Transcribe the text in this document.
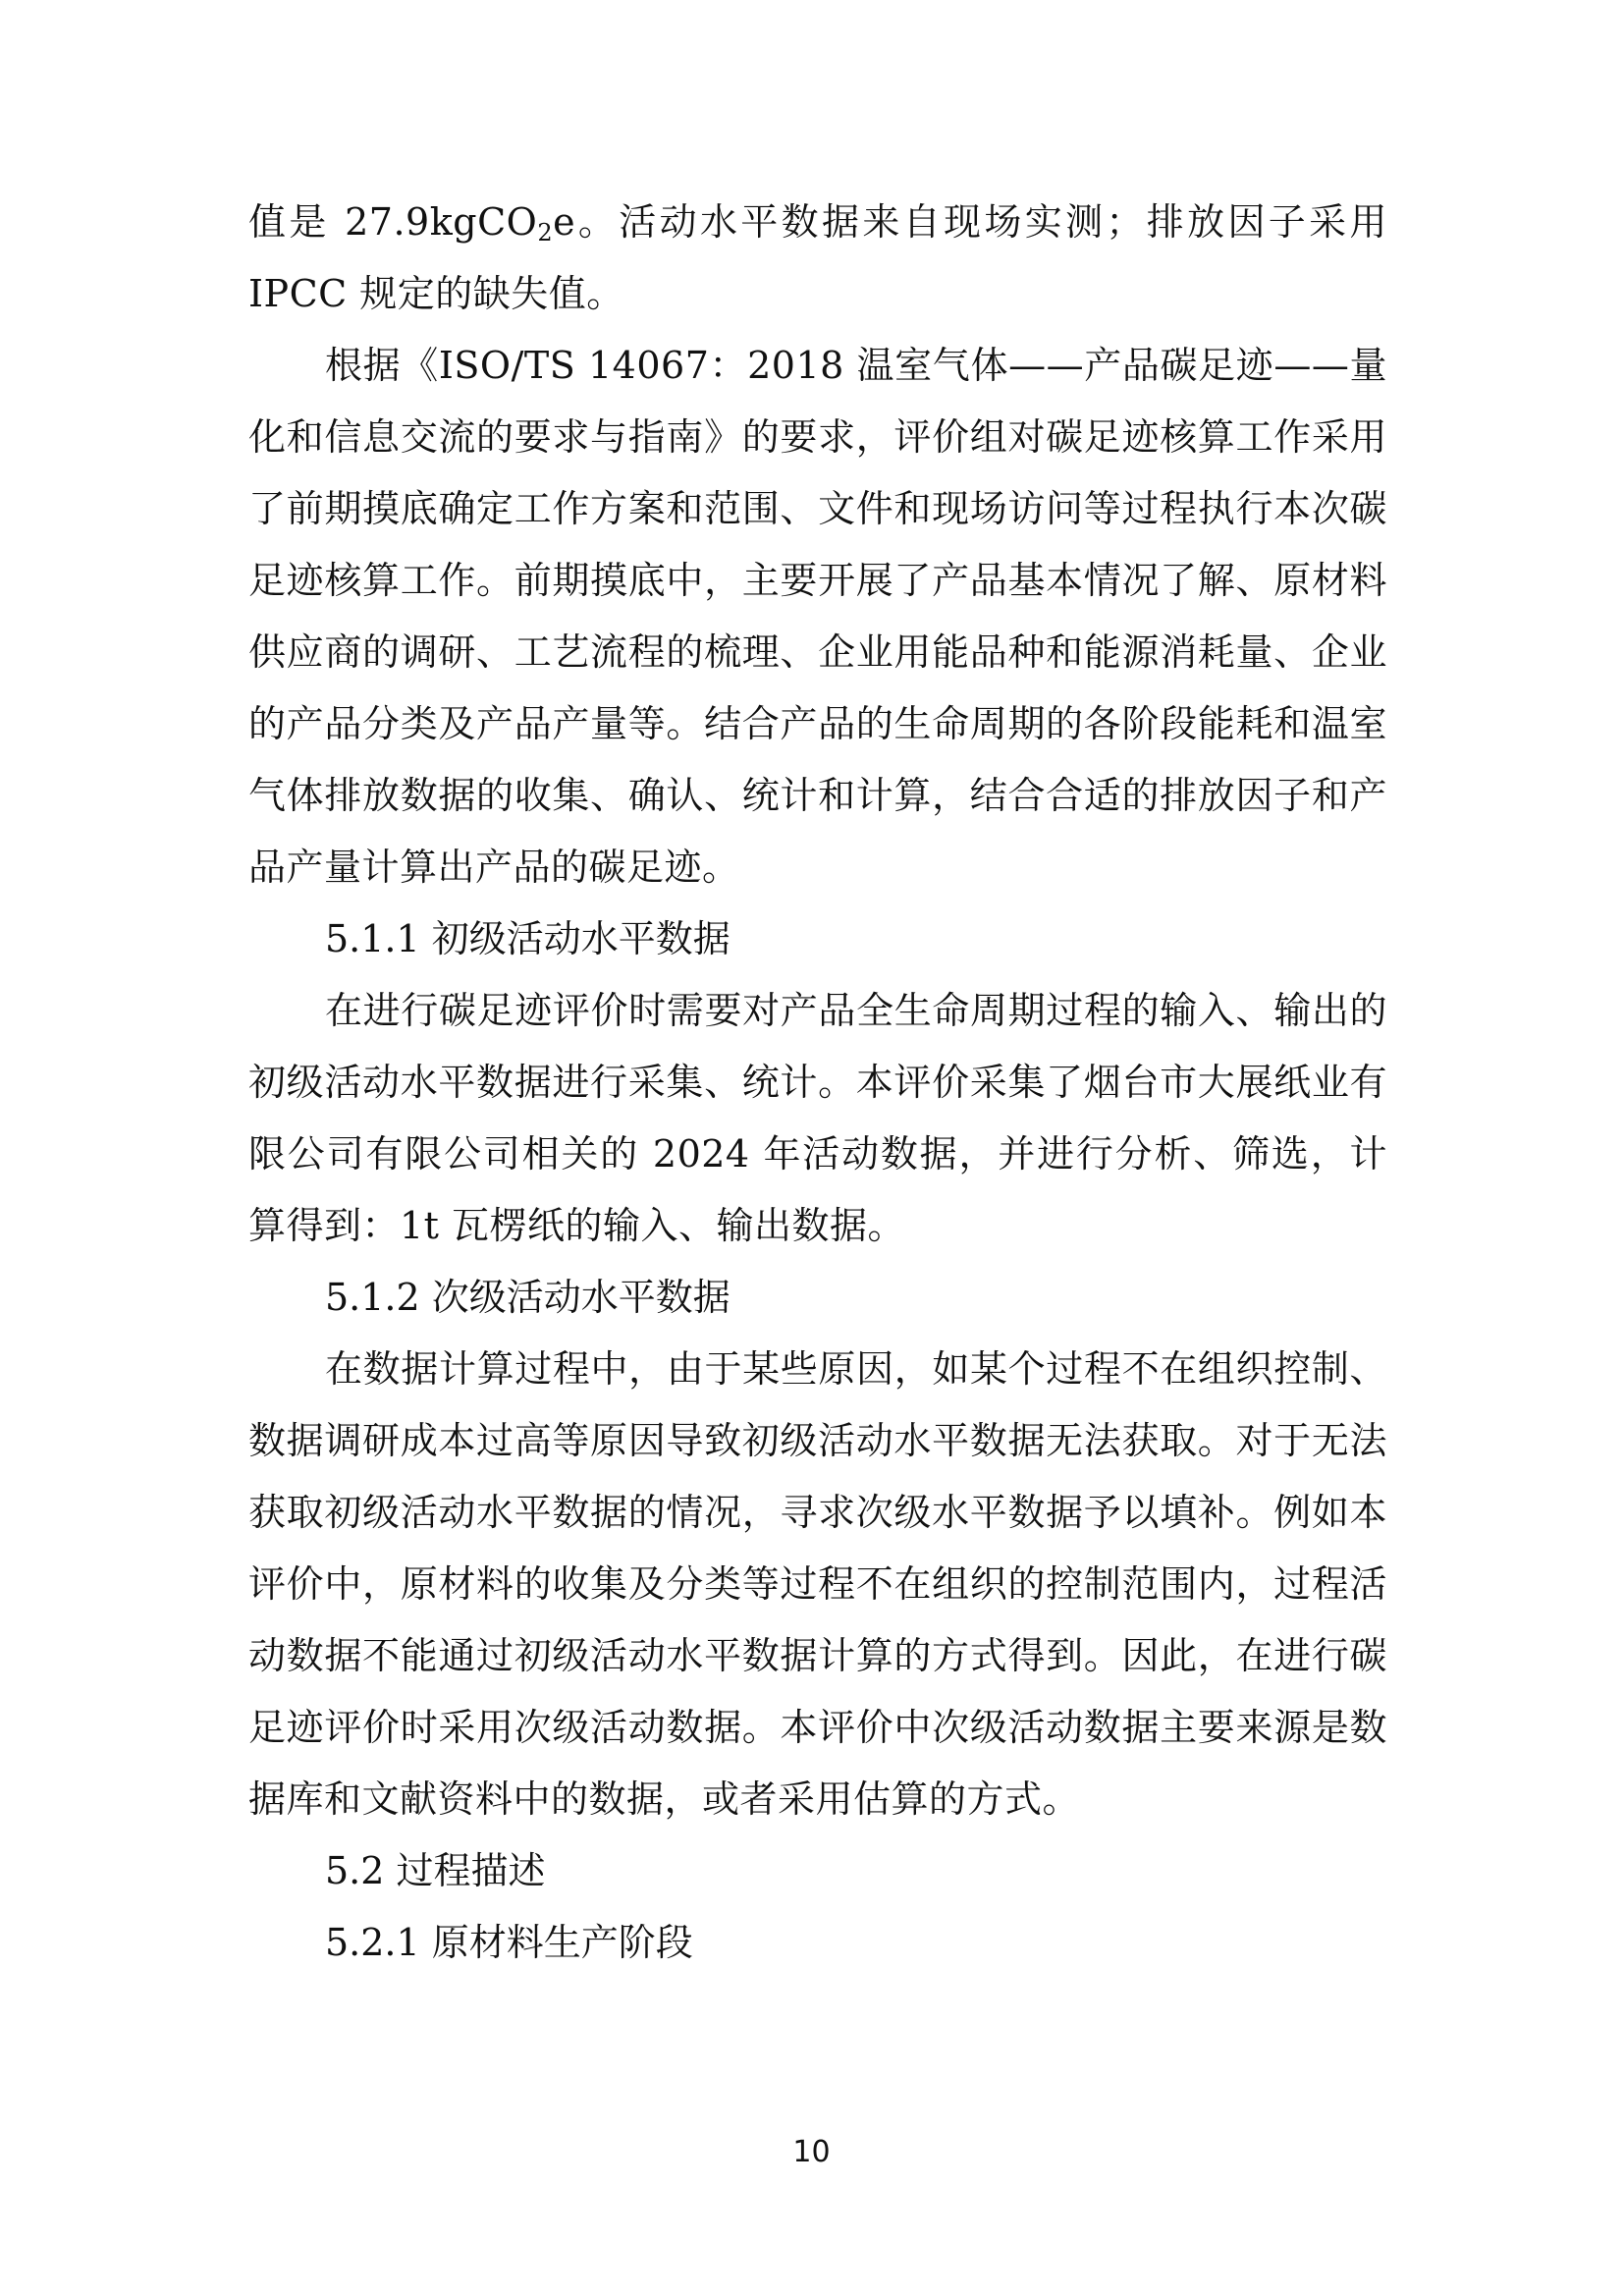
值是 27.9kgCO$_2$e。活动水平数据来自现场实测；排放因子采用 IPCC 规定的缺失值。

根据《ISO/TS 14067：2018 温室气体——产品碳足迹——量化和信息交流的要求与指南》的要求，评价组对碳足迹核算工作采用了前期摸底确定工作方案和范围、文件和现场访问等过程执行本次碳足迹核算工作。前期摸底中，主要开展了产品基本情况了解、原材料供应商的调研、工艺流程的梳理、企业用能品种和能源消耗量、企业的产品分类及产品产量等。结合产品的生命周期的各阶段能耗和温室气体排放数据的收集、确认、统计和计算，结合合适的排放因子和产品产量计算出产品的碳足迹。

5.1.1 初级活动水平数据

在进行碳足迹评价时需要对产品全生命周期过程的输入、输出的初级活动水平数据进行采集、统计。本评价采集了烟台市大展纸业有限公司有限公司相关的 2024 年活动数据，并进行分析、筛选，计算得到：1t 瓦楞纸的输入、输出数据。

5.1.2 次级活动水平数据

在数据计算过程中，由于某些原因，如某个过程不在组织控制、数据调研成本过高等原因导致初级活动水平数据无法获取。对于无法获取初级活动水平数据的情况，寻求次级水平数据予以填补。例如本评价中，原材料的收集及分类等过程不在组织的控制范围内，过程活动数据不能通过初级活动水平数据计算的方式得到。因此，在进行碳足迹评价时采用次级活动数据。本评价中次级活动数据主要来源是数据库和文献资料中的数据，或者采用估算的方式。

5.2 过程描述

5.2.1 原材料生产阶段

10
